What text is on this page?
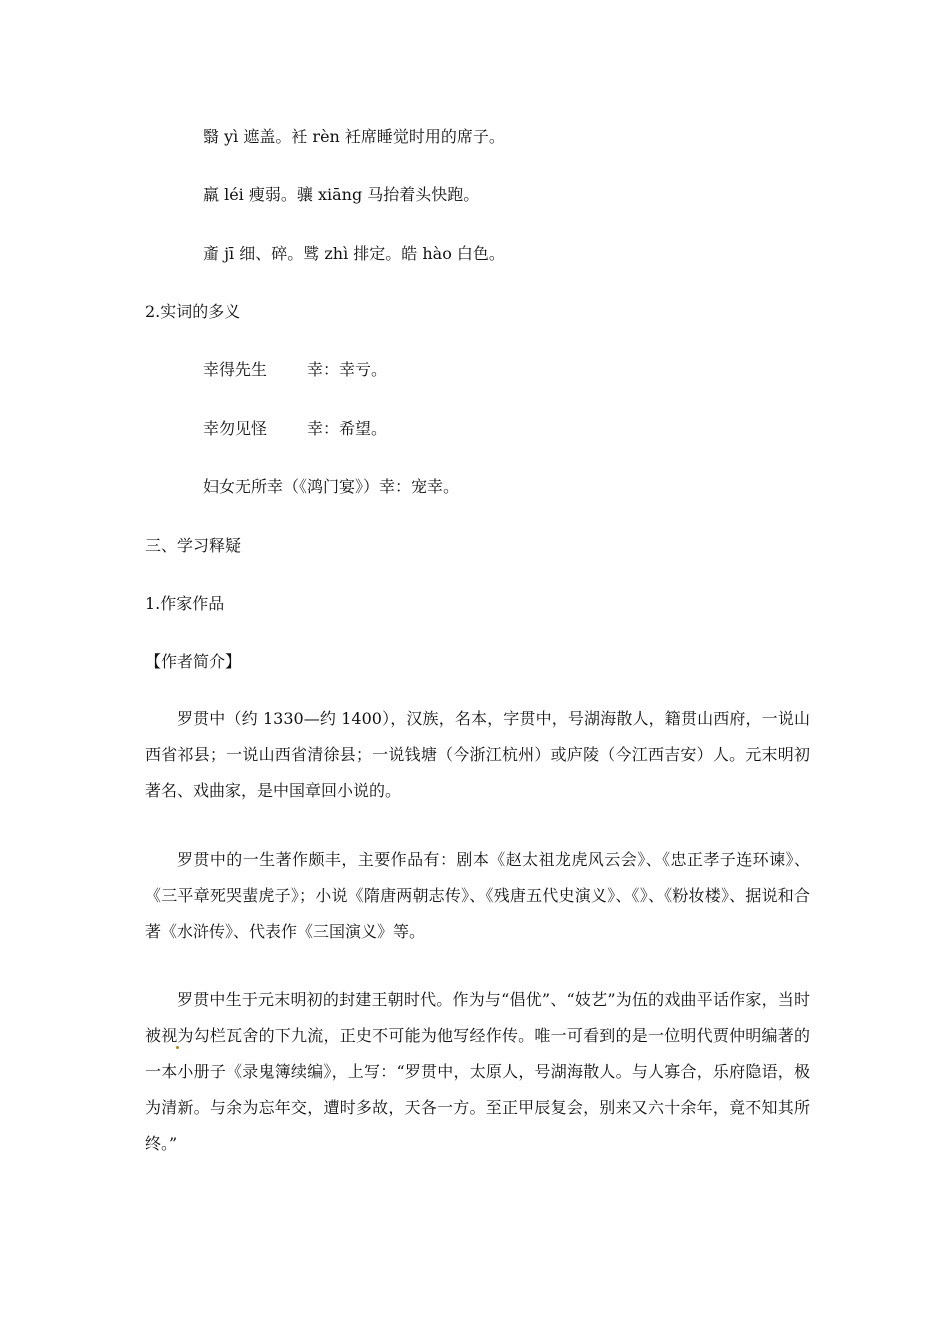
翳 yì 遮盖。衽 rèn 衽席睡觉时用的席子。
羸 léi 瘦弱。骧 xiāng 马抬着头快跑。
齑 jī 细、碎。骘 zhì 排定。皓 hào 白色。
2.实词的多义
幸得先生	幸：幸亏。
幸勿见怪	幸：希望。
妇女无所幸（《鸿门宴》）幸：宠幸。
三、学习释疑
1.作家作品
【作者简介】
罗贯中（约 1330—约 1400），汉族，名本，字贯中，号湖海散人，籍贯山西府，一说山西省祁县；一说山西省清徐县；一说钱塘（今浙江杭州）或庐陵（今江西吉安）人。元末明初著名、戏曲家，是中国章回小说的。
罗贯中的一生著作颇丰，主要作品有：剧本《赵太祖龙虎风云会》、《忠正孝子连环谏》、《三平章死哭蜚虎子》；小说《隋唐两朝志传》、《残唐五代史演义》、《》、《粉妆楼》、据说和合著《水浒传》、代表作《三国演义》等。
罗贯中生于元末明初的封建王朝时代。作为与“倡优”、“妓艺”为伍的戏曲平话作家，当时被视为勾栏瓦舍的下九流，正史不可能为他写经作传。唯一可看到的是一位明代贾仲明编著的一本小册子《录鬼簿续编》，上写：“罗贯中，太原人，号湖海散人。与人寡合，乐府隐语，极为清新。与余为忘年交，遭时多故，天各一方。至正甲辰复会，别来又六十余年，竟不知其所终。”
